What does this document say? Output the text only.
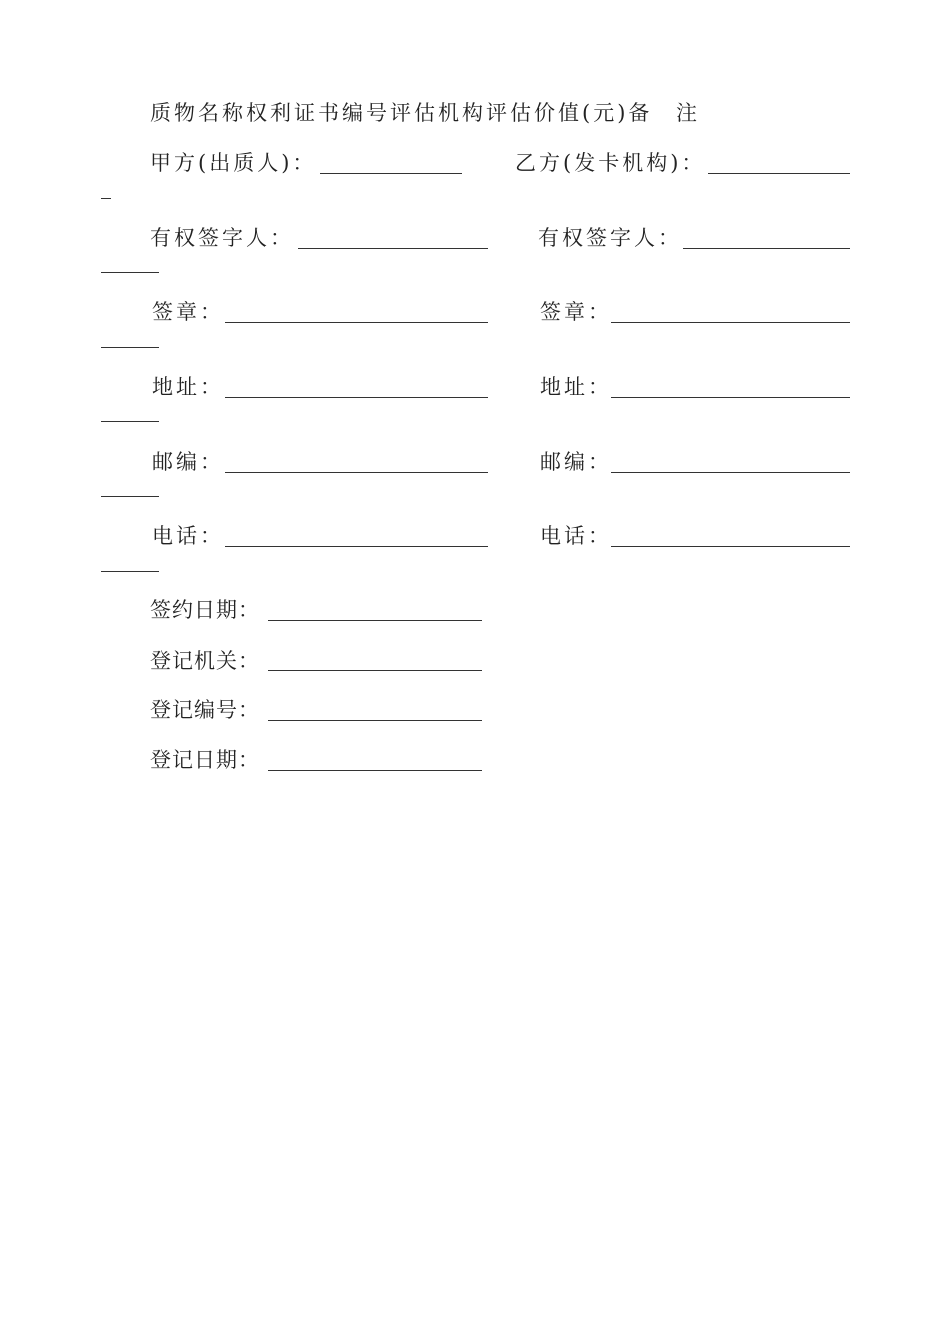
质物名称权利证书编号评估机构评估价值(元)备 注
甲方(出质人)：	乙方(发卡机构)：
有权签字人：	有权签字人：
签章：	签章：
地址：	地址：
邮编：	邮编：
电话：	电话：
签约日期：
登记机关：
登记编号：
登记日期：
